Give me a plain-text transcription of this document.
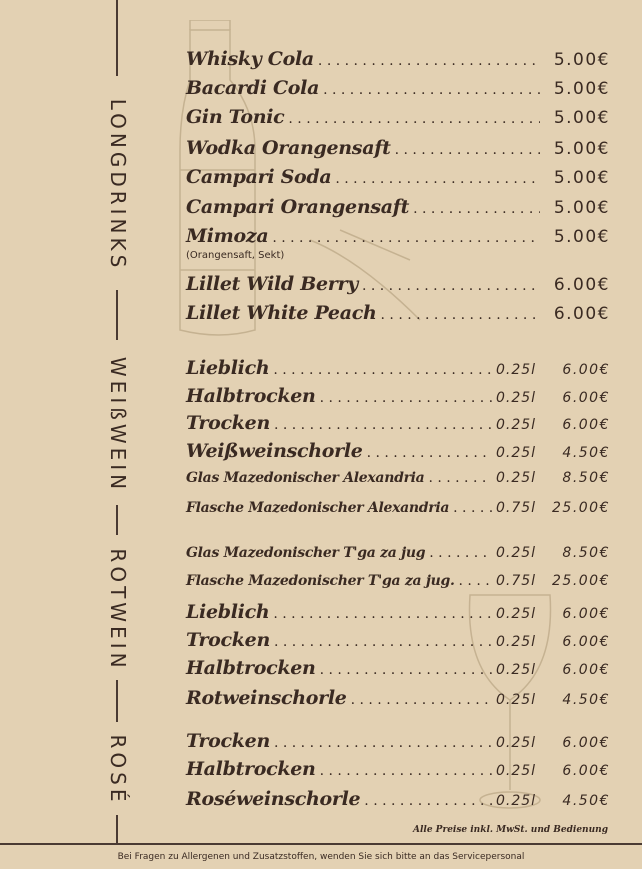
LONGDRINKS
WEIßWEIN
ROTWEIN
ROSÉ
Whisky Cola . . .	5.00€
Bacardi Cola . . .	5.00€
Gin Tonic . . .	5.00€
Wodka Orangensaft . . .	5.00€
Campari Soda . . .	5.00€
Campari Orangensaft . . .	5.00€
Mimoza . . .	5.00€
Lillet Wild Berry . . .	6.00€
Lillet White Peach . . .	6.00€
(Orangensaft, Sekt)
Lieblich . . .	0.25l	6.00€
Halbtrocken . . .	0.25l	6.00€
Trocken . . .	0.25l	6.00€
Weißweinschorle . . .	0.25l	4.50€
Glas Mazedonischer Alexandria . . .	0.25l	8.50€
Flasche Mazedonischer Alexandria . . .	0.75l	25.00€
Glas Mazedonischer T'ga za jug . . .	0.25l	8.50€
Flasche Mazedonischer T'ga za jug. . . .	0.75l	25.00€
Lieblich . . .	0.25l	6.00€
Trocken . . .	0.25l	6.00€
Halbtrocken . . .	0.25l	6.00€
Rotweinschorle . . .	0.25l	4.50€
Trocken . . .	0.25l	6.00€
Halbtrocken . . .	0.25l	6.00€
Roséweinschorle . . .	0.25l	4.50€
Alle Preise inkl. MwSt. und Bedienung
Bei Fragen zu Allergenen und Zusatzstoffen, wenden Sie sich bitte an das Servicepersonal
